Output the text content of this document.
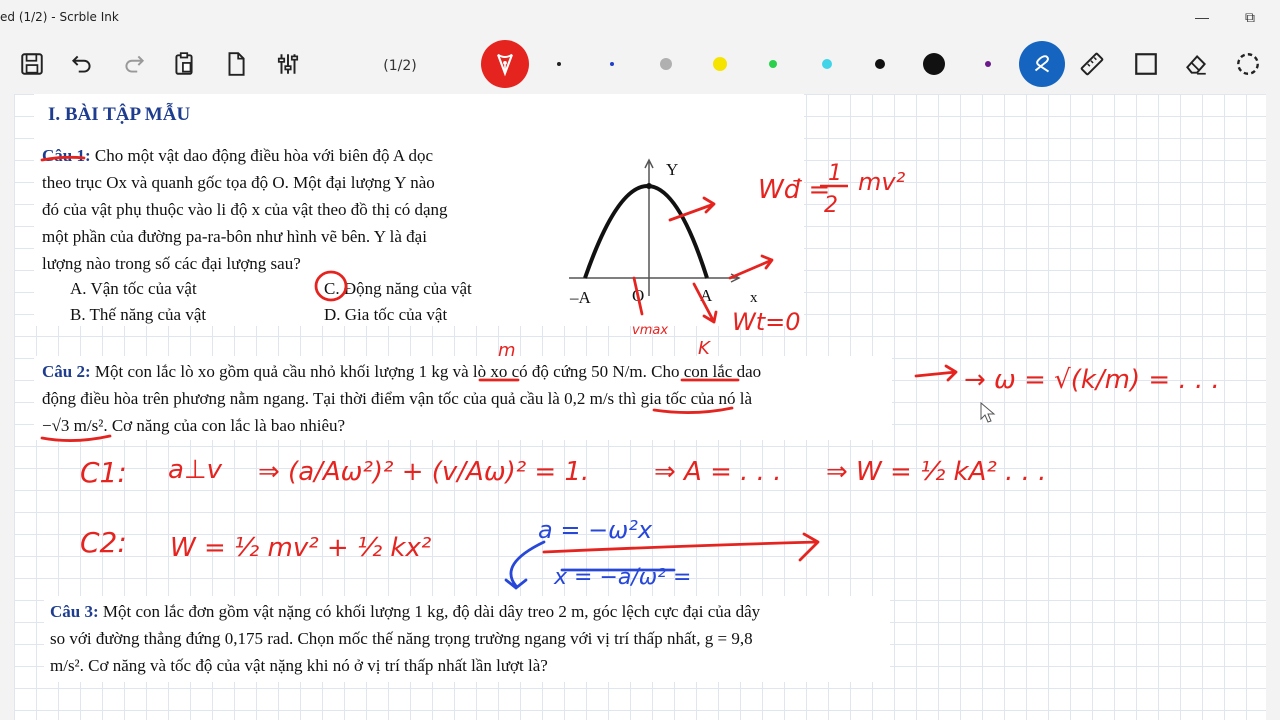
ed (1/2) - Scrble Ink	—	⧉
(1/2)
I. BÀI TẬP MẪU

Câu 1: Cho một vật dao động điều hòa với biên độ A dọc

theo trục Ox và quanh gốc tọa độ O. Một đại lượng Y nào

đó của vật phụ thuộc vào li độ x của vật theo đồ thị có dạng

một phần của đường pa-ra-bôn như hình vẽ bên. Y là đại

lượng nào trong số các đại lượng sau?

A. Vận tốc của vật	C. Động năng của vật
B. Thế năng của vật	D. Gia tốc của vật
Y
x
–A O	A

Câu 2: Một con lắc lò xo gồm quả cầu nhỏ khối lượng 1 kg và lò xo có độ cứng 50 N/m. Cho con lắc dao

động điều hòa trên phương nằm ngang. Tại thời điểm vận tốc của quả cầu là 0,2 m/s thì gia tốc của nó là

−√3 m/s². Cơ năng của con lắc là bao nhiêu?

Câu 3: Một con lắc đơn gồm vật nặng có khối lượng 1 kg, độ dài dây treo 2 m, góc lệch cực đại của dây

so với đường thẳng đứng 0,175 rad. Chọn mốc thế năng trọng trường ngang với vị trí thấp nhất, g = 9,8

m/s². Cơ năng và tốc độ của vật nặng khi nó ở vị trí thấp nhất lần lượt là?

Wđ =
1
2
mv²
vmax	Wt=0
m	K
→ ω = √(k/m) = . . .
C1: a⊥v ⇒ (a/Aω²)² + (v/Aω)² = 1. ⇒ A = . . . ⇒ W = ½ kA² . . .
C2: W = ½ mv² + ½ kx²
a = −ω²x
x = −a/ω² =
